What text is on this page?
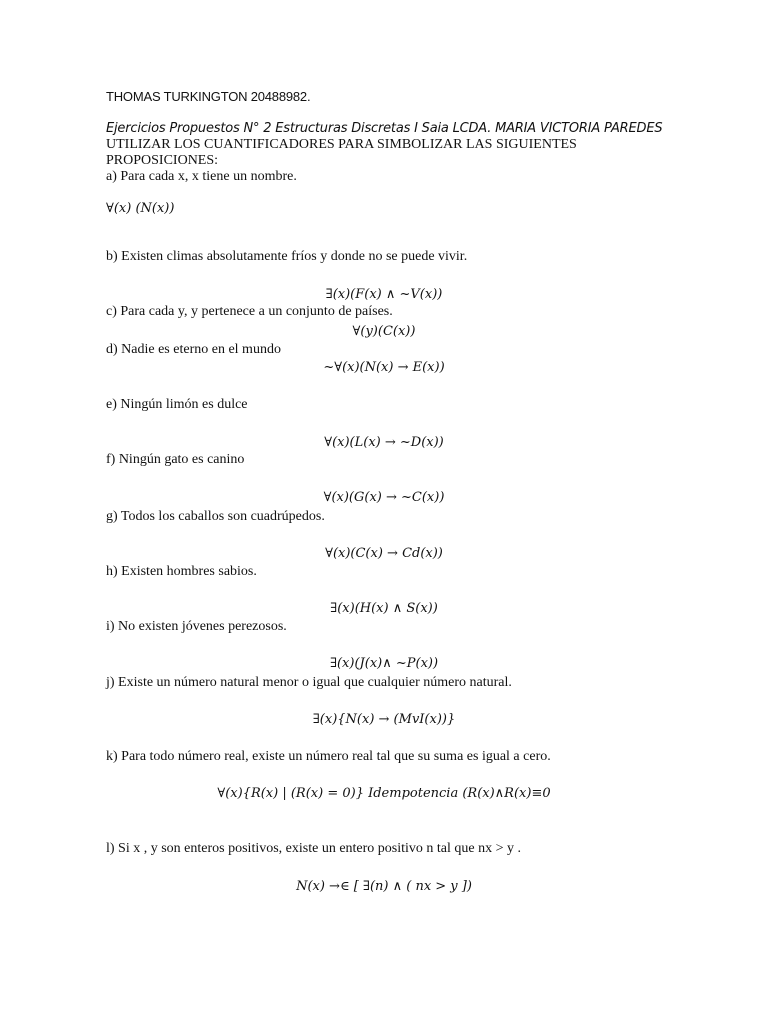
THOMAS TURKINGTON 20488982.
Ejercicios Propuestos N° 2 Estructuras Discretas I Saia LCDA. MARIA VICTORIA PAREDES
UTILIZAR LOS CUANTIFICADORES PARA SIMBOLIZAR LAS SIGUIENTES
PROPOSICIONES:
a) Para cada x, x tiene un nombre.
∀(𝑥) (𝑁(𝑥))
b) Existen climas absolutamente fríos y donde no se puede vivir.
∃(𝑥)(𝐹(𝑥) ∧ ~𝑉(𝑥))
c) Para cada y, y pertenece a un conjunto de países.
∀(𝑦)(𝐶(𝑥))
d) Nadie es eterno en el mundo
~∀(x)(𝑁(𝑥) → 𝐸(𝑥))
e) Ningún limón es dulce
∀(𝑥)(𝐿(𝑥) → ~𝐷(𝑥))
f) Ningún gato es canino
∀(𝑥)(𝐺(𝑥) → ~𝐶(𝑥))
g) Todos los caballos son cuadrúpedos.
∀(𝑥)(𝐶(𝑥) → 𝐶𝑑(𝑥))
h) Existen hombres sabios.
∃(𝑥)(𝐻(𝑥) ∧ 𝑆(𝑥))
i) No existen jóvenes perezosos.
∃(𝑥)(𝐽(𝑥)∧ ~𝑃(𝑥))
j) Existe un número natural menor o igual que cualquier número natural.
∃(𝑥){N(x) → (𝑀𝑣𝐼(𝑥))}
k) Para todo número real, existe un número real tal que su suma es igual a cero.
∀(𝑥){𝑅(𝑥) | (𝑅(x) = 0)} Idempotencia (R(x)∧R(x)≡0
l) Si x , y son enteros positivos, existe un entero positivo n tal que nx > y .
𝑁(𝑥) →∈ [ ∃(𝑛) ∧ ( 𝑛𝑥 > 𝑦 ])
